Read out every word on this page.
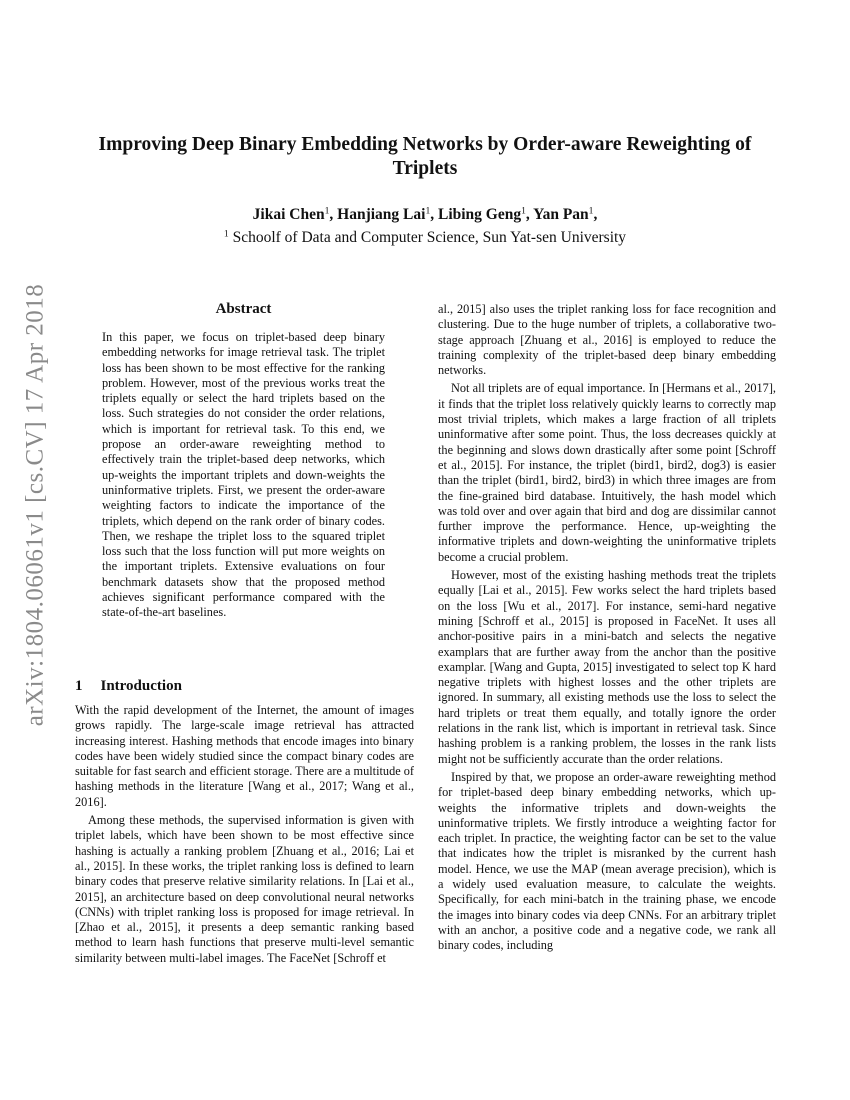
arXiv:1804.06061v1 [cs.CV] 17 Apr 2018
Improving Deep Binary Embedding Networks by Order-aware Reweighting of Triplets
Jikai Chen$^1$, Hanjiang Lai$^1$, Libing Geng$^1$, Yan Pan$^1$,
$^1$ Schoolf of Data and Computer Science, Sun Yat-sen University
Abstract

In this paper, we focus on triplet-based deep binary embedding networks for image retrieval task. The triplet loss has been shown to be most effective for the ranking problem. However, most of the previous works treat the triplets equally or select the hard triplets based on the loss. Such strategies do not consider the order relations, which is important for retrieval task. To this end, we propose an order-aware reweighting method to effectively train the triplet-based deep networks, which up-weights the important triplets and down-weights the uninformative triplets. First, we present the order-aware weighting factors to indicate the importance of the triplets, which depend on the rank order of binary codes. Then, we reshape the triplet loss to the squared triplet loss such that the loss function will put more weights on the important triplets. Extensive evaluations on four benchmark datasets show that the proposed method achieves significant performance compared with the state-of-the-art baselines.

1 Introduction

With the rapid development of the Internet, the amount of images grows rapidly. The large-scale image retrieval has attracted increasing interest. Hashing methods that encode images into binary codes have been widely studied since the compact binary codes are suitable for fast search and efficient storage. There are a multitude of hashing methods in the literature [Wang et al., 2017; Wang et al., 2016].

Among these methods, the supervised information is given with triplet labels, which have been shown to be most effective since hashing is actually a ranking problem [Zhuang et al., 2016; Lai et al., 2015]. In these works, the triplet ranking loss is defined to learn binary codes that preserve relative similarity relations. In [Lai et al., 2015], an architecture based on deep convolutional neural networks (CNNs) with triplet ranking loss is proposed for image retrieval. In [Zhao et al., 2015], it presents a deep semantic ranking based method to learn hash functions that preserve multi-level semantic similarity between multi-label images. The FaceNet [Schroff et

al., 2015] also uses the triplet ranking loss for face recognition and clustering. Due to the huge number of triplets, a collaborative two-stage approach [Zhuang et al., 2016] is employed to reduce the training complexity of the triplet-based deep binary embedding networks.

Not all triplets are of equal importance. In [Hermans et al., 2017], it finds that the triplet loss relatively quickly learns to correctly map most trivial triplets, which makes a large fraction of all triplets uninformative after some point. Thus, the loss decreases quickly at the beginning and slows down drastically after some point [Schroff et al., 2015]. For instance, the triplet (bird1, bird2, dog3) is easier than the triplet (bird1, bird2, bird3) in which three images are from the fine-grained bird database. Intuitively, the hash model which was told over and over again that bird and dog are dissimilar cannot further improve the performance. Hence, up-weighting the informative triplets and down-weighting the uninformative triplets become a crucial problem.

However, most of the existing hashing methods treat the triplets equally [Lai et al., 2015]. Few works select the hard triplets based on the loss [Wu et al., 2017]. For instance, semi-hard negative mining [Schroff et al., 2015] is proposed in FaceNet. It uses all anchor-positive pairs in a mini-batch and selects the negative examplars that are further away from the anchor than the positive examplar. [Wang and Gupta, 2015] investigated to select top K hard negative triplets with highest losses and the other triplets are ignored. In summary, all existing methods use the loss to select the hard triplets or treat them equally, and totally ignore the order relations in the rank list, which is important in retrieval task. Since hashing problem is a ranking problem, the losses in the rank lists might not be sufficiently accurate than the order relations.

Inspired by that, we propose an order-aware reweighting method for triplet-based deep binary embedding networks, which up-weights the informative triplets and down-weights the uninformative triplets. We firstly introduce a weighting factor for each triplet. In practice, the weighting factor can be set to the value that indicates how the triplet is misranked by the current hash model. Hence, we use the MAP (mean average precision), which is a widely used evaluation measure, to calculate the weights. Specifically, for each mini-batch in the training phase, we encode the images into binary codes via deep CNNs. For an arbitrary triplet with an anchor, a positive code and a negative code, we rank all binary codes, including
